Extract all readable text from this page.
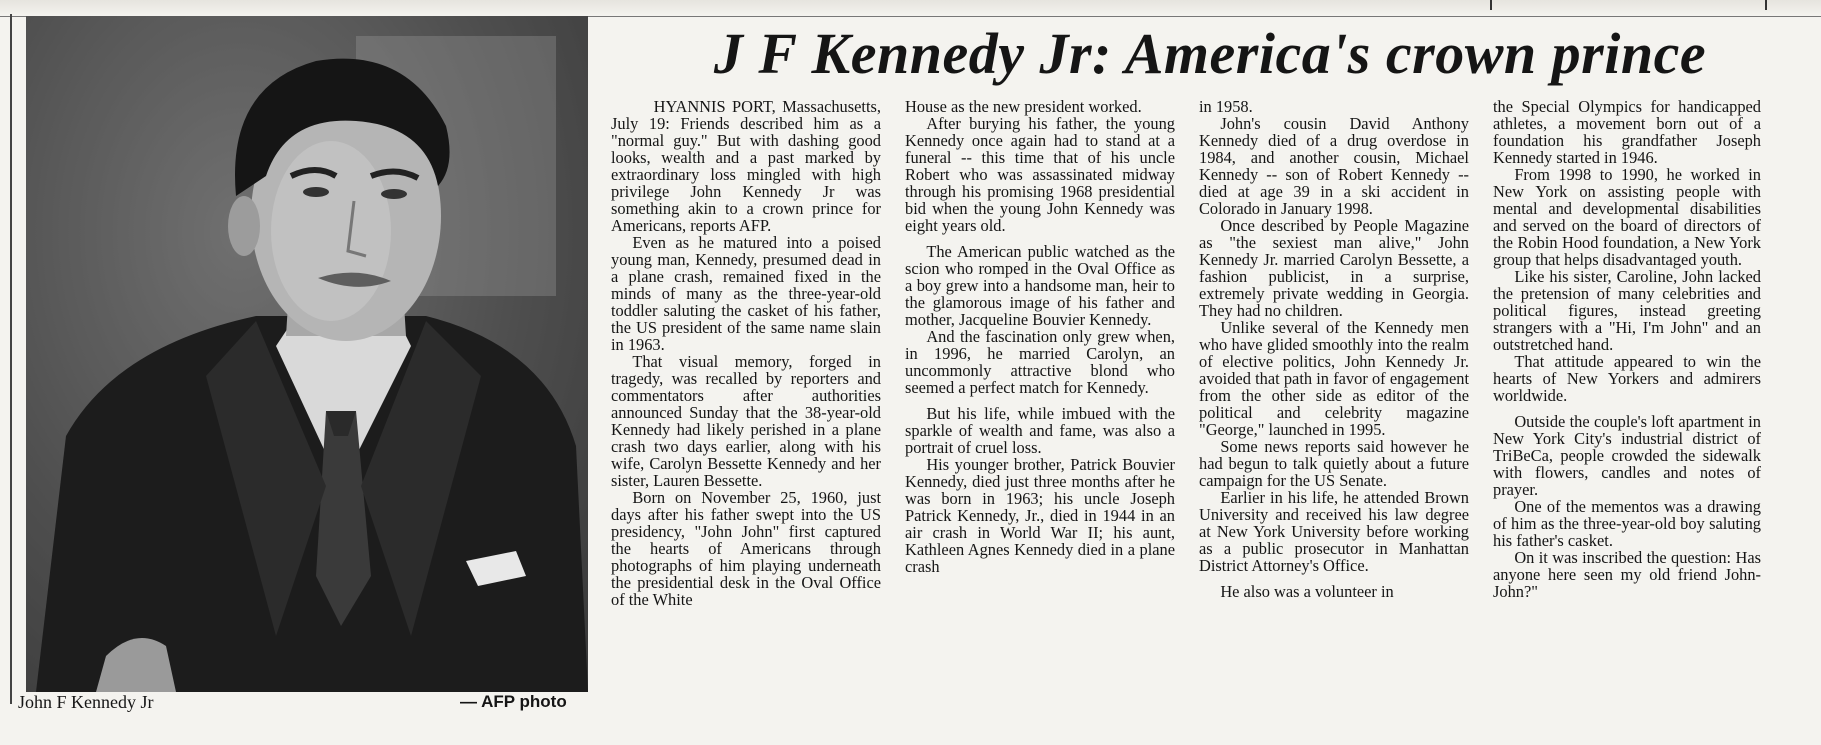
John F Kennedy Jr	— AFP photo
J F Kennedy Jr: America's crown prince

HYANNIS PORT, Massachusetts, July 19: Friends described him as a "normal guy." But with dashing good looks, wealth and a past marked by extraordinary loss mingled with high privilege John Kennedy Jr was something akin to a crown prince for Americans, reports AFP.

Even as he matured into a poised young man, Kennedy, presumed dead in a plane crash, remained fixed in the minds of many as the three-year-old toddler saluting the casket of his father, the US president of the same name slain in 1963.

That visual memory, forged in tragedy, was recalled by reporters and commentators after authorities announced Sunday that the 38-year-old Kennedy had likely perished in a plane crash two days earlier, along with his wife, Carolyn Bessette Kennedy and her sister, Lauren Bessette.

Born on November 25, 1960, just days after his father swept into the US presidency, "John John" first captured the hearts of Americans through photographs of him playing underneath the presidential desk in the Oval Office of the White

House as the new president worked.

After burying his father, the young Kennedy once again had to stand at a funeral -- this time that of his uncle Robert who was assassinated midway through his promising 1968 presidential bid when the young John Kennedy was eight years old.

The American public watched as the scion who romped in the Oval Office as a boy grew into a handsome man, heir to the glamorous image of his father and mother, Jacqueline Bouvier Kennedy.

And the fascination only grew when, in 1996, he married Carolyn, an uncommonly attractive blond who seemed a perfect match for Kennedy.

But his life, while imbued with the sparkle of wealth and fame, was also a portrait of cruel loss.

His younger brother, Patrick Bouvier Kennedy, died just three months after he was born in 1963; his uncle Joseph Patrick Kennedy, Jr., died in 1944 in an air crash in World War II; his aunt, Kathleen Agnes Kennedy died in a plane crash

in 1958.

John's cousin David Anthony Kennedy died of a drug overdose in 1984, and another cousin, Michael Kennedy -- son of Robert Kennedy -- died at age 39 in a ski accident in Colorado in January 1998.

Once described by People Magazine as "the sexiest man alive," John Kennedy Jr. married Carolyn Bessette, a fashion publicist, in a surprise, extremely private wedding in Georgia. They had no children.

Unlike several of the Kennedy men who have glided smoothly into the realm of elective politics, John Kennedy Jr. avoided that path in favor of engagement from the other side as editor of the political and celebrity magazine "George," launched in 1995.

Some news reports said however he had begun to talk quietly about a future campaign for the US Senate.

Earlier in his life, he attended Brown University and received his law degree at New York University before working as a public prosecutor in Manhattan District Attorney's Office.

He also was a volunteer in

the Special Olympics for handicapped athletes, a movement born out of a foundation his grandfather Joseph Kennedy started in 1946.

From 1998 to 1990, he worked in New York on assisting people with mental and developmental disabilities and served on the board of directors of the Robin Hood foundation, a New York group that helps disadvantaged youth.

Like his sister, Caroline, John lacked the pretension of many celebrities and political figures, instead greeting strangers with a "Hi, I'm John" and an outstretched hand.

That attitude appeared to win the hearts of New Yorkers and admirers worldwide.

Outside the couple's loft apartment in New York City's industrial district of TriBeCa, people crowded the sidewalk with flowers, candles and notes of prayer.

One of the mementos was a drawing of him as the three-year-old boy saluting his father's casket.

On it was inscribed the question: Has anyone here seen my old friend John-John?"
